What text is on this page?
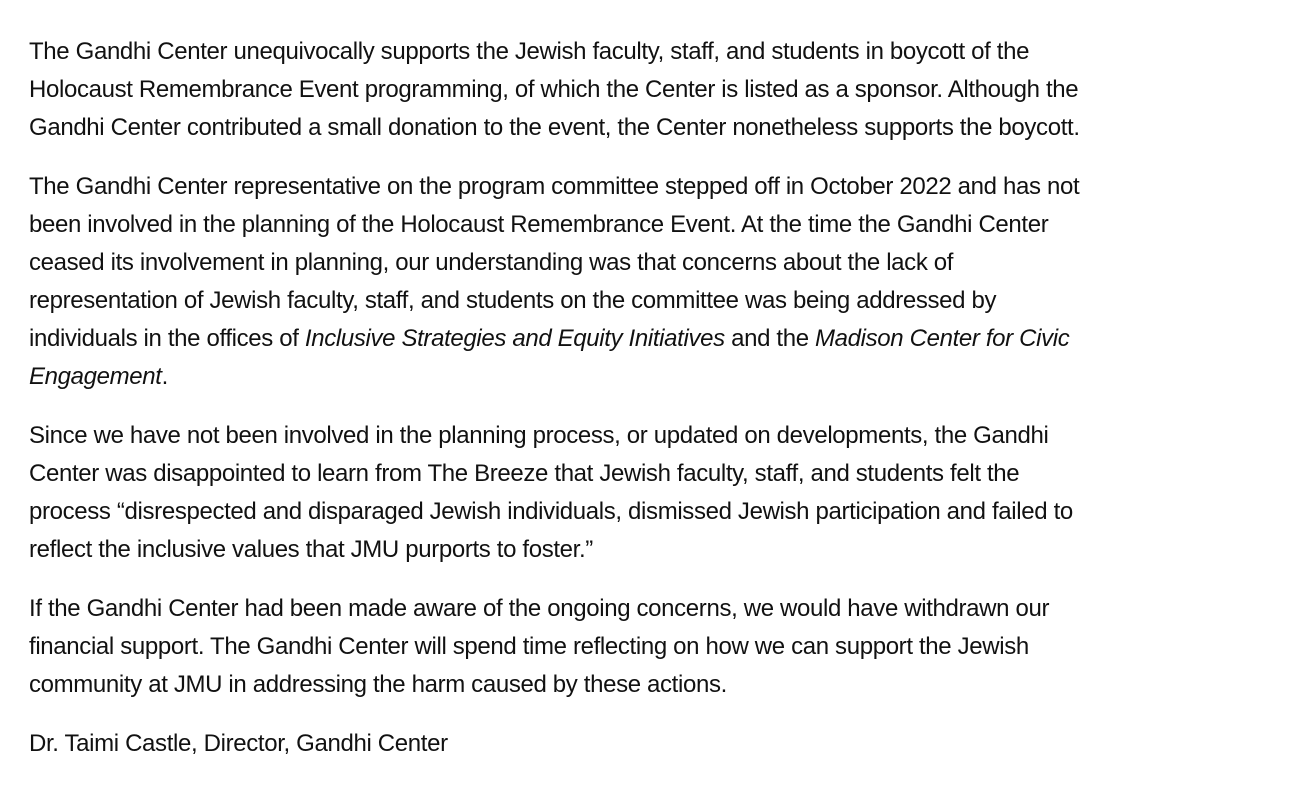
The Gandhi Center unequivocally supports the Jewish faculty, staff, and students in boycott of the
Holocaust Remembrance Event programming, of which the Center is listed as a sponsor. Although the
Gandhi Center contributed a small donation to the event, the Center nonetheless supports the boycott.

The Gandhi Center representative on the program committee stepped off in October 2022 and has not
been involved in the planning of the Holocaust Remembrance Event. At the time the Gandhi Center
ceased its involvement in planning, our understanding was that concerns about the lack of
representation of Jewish faculty, staff, and students on the committee was being addressed by
individuals in the offices of Inclusive Strategies and Equity Initiatives and the Madison Center for Civic
Engagement.

Since we have not been involved in the planning process, or updated on developments, the Gandhi
Center was disappointed to learn from The Breeze that Jewish faculty, staff, and students felt the
process “disrespected and disparaged Jewish individuals, dismissed Jewish participation and failed to
reflect the inclusive values that JMU purports to foster.”

If the Gandhi Center had been made aware of the ongoing concerns, we would have withdrawn our
financial support. The Gandhi Center will spend time reflecting on how we can support the Jewish
community at JMU in addressing the harm caused by these actions.

Dr. Taimi Castle, Director, Gandhi Center
